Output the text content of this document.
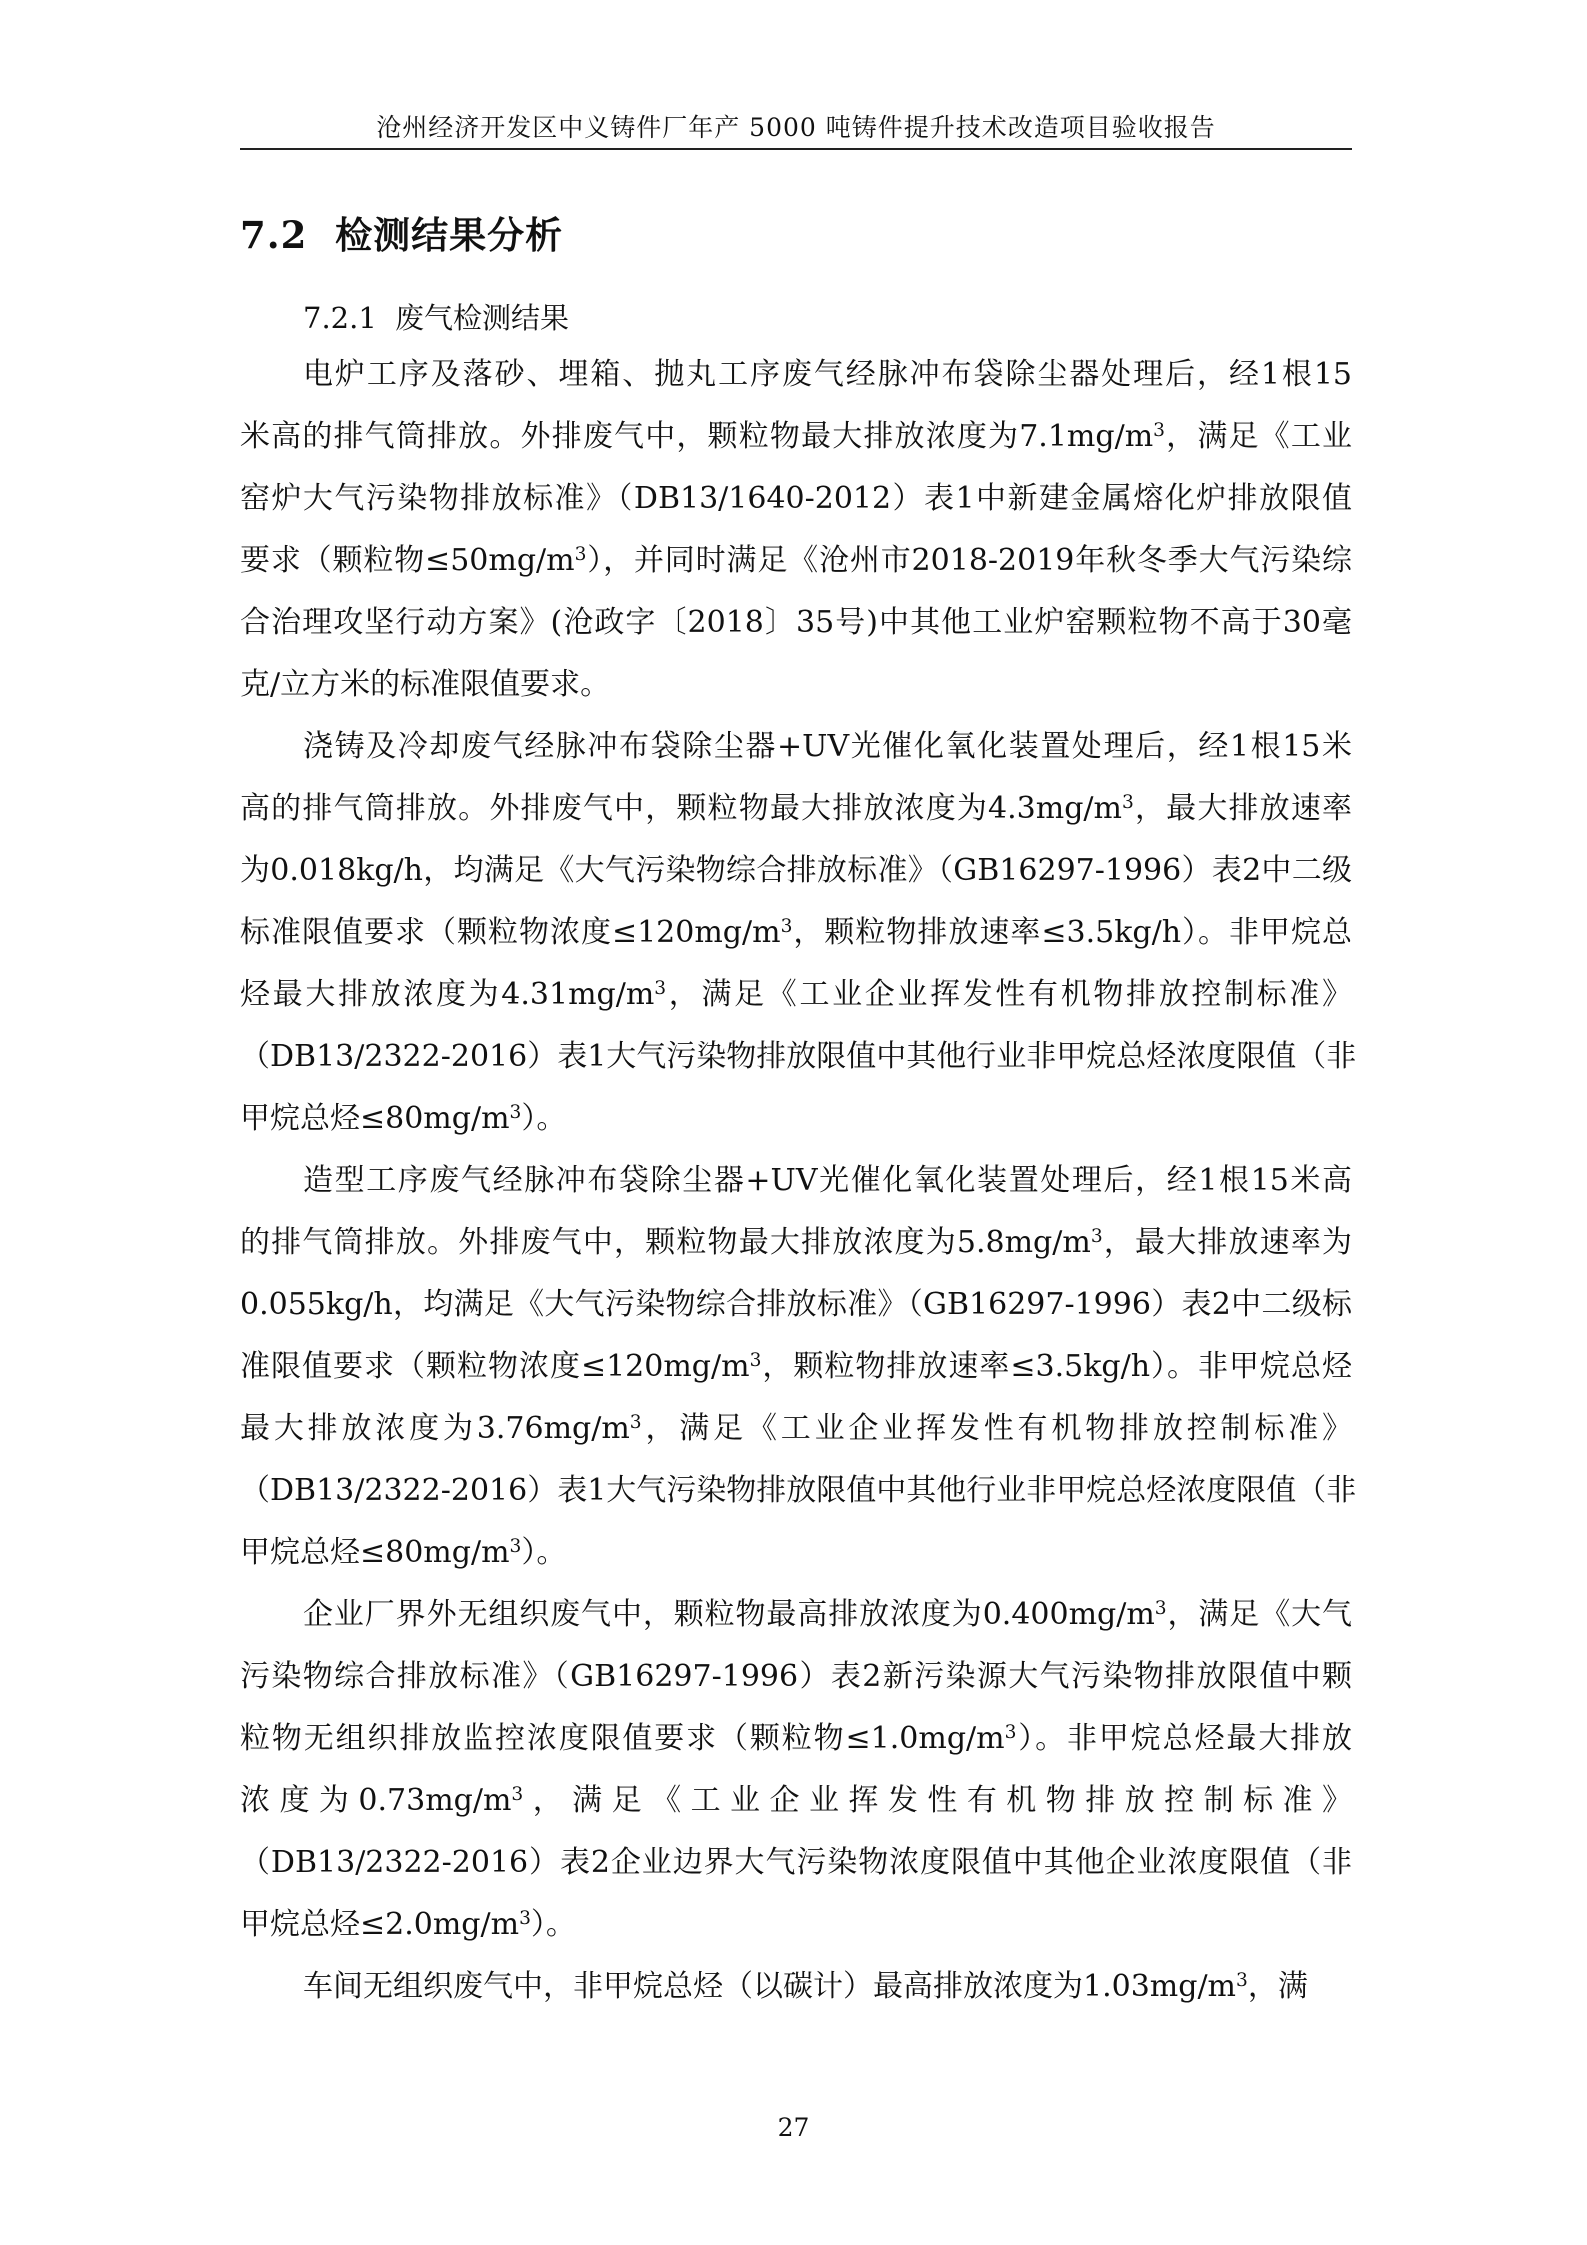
沧州经济开发区中义铸件厂年产 5000 吨铸件提升技术改造项目验收报告
7.2 检测结果分析
7.2.1 废气检测结果
电炉工序及落砂、埋箱、抛丸工序废气经脉冲布袋除尘器处理后，经1根15
米高的排气筒排放。外排废气中，颗粒物最大排放浓度为$7.1mg/m^3$，满足《工业
窑炉大气污染物排放标准》（DB13/1640-2012）表1中新建金属熔化炉排放限值
要求（颗粒物$\le 50mg/m^3$），并同时满足《沧州市2018-2019年秋冬季大气污染综
合治理攻坚行动方案》(沧政字〔2018〕35号)中其他工业炉窑颗粒物不高于30毫
克/立方米的标准限值要求。
浇铸及冷却废气经脉冲布袋除尘器+UV光催化氧化装置处理后，经1根15米
高的排气筒排放。外排废气中，颗粒物最大排放浓度为$4.3mg/m^3$，最大排放速率
为0.018kg/h，均满足《大气污染物综合排放标准》（GB16297-1996）表2中二级
标准限值要求（颗粒物浓度$\le 120mg/m^3$，颗粒物排放速率≤3.5kg/h）。非甲烷总
烃最大排放浓度为$4.31mg/m^3$，满足《工业企业挥发性有机物排放控制标准》
（DB13/2322-2016）表1大气污染物排放限值中其他行业非甲烷总烃浓度限值（非
甲烷总烃$\le 80mg/m^3$）。
造型工序废气经脉冲布袋除尘器+UV光催化氧化装置处理后，经1根15米高
的排气筒排放。外排废气中，颗粒物最大排放浓度为$5.8mg/m^3$，最大排放速率为
0.055kg/h，均满足《大气污染物综合排放标准》（GB16297-1996）表2中二级标
准限值要求（颗粒物浓度$\le 120mg/m^3$，颗粒物排放速率≤3.5kg/h）。非甲烷总烃
最大排放浓度为$3.76mg/m^3$，满足《工业企业挥发性有机物排放控制标准》
（DB13/2322-2016）表1大气污染物排放限值中其他行业非甲烷总烃浓度限值（非
甲烷总烃$\le 80mg/m^3$）。
企业厂界外无组织废气中，颗粒物最高排放浓度为$0.400mg/m^3$，满足《大气
污染物综合排放标准》（GB16297-1996）表2新污染源大气污染物排放限值中颗
粒物无组织排放监控浓度限值要求（颗粒物$\le 1.0mg/m^3$）。非甲烷总烃最大排放
浓度为$0.73mg/m^3$，满足《工业企业挥发性有机物排放控制标准》
（DB13/2322-2016）表2企业边界大气污染物浓度限值中其他企业浓度限值（非
甲烷总烃$\le 2.0mg/m^3$）。
车间无组织废气中，非甲烷总烃（以碳计）最高排放浓度为$1.03mg/m^3$，满
27
